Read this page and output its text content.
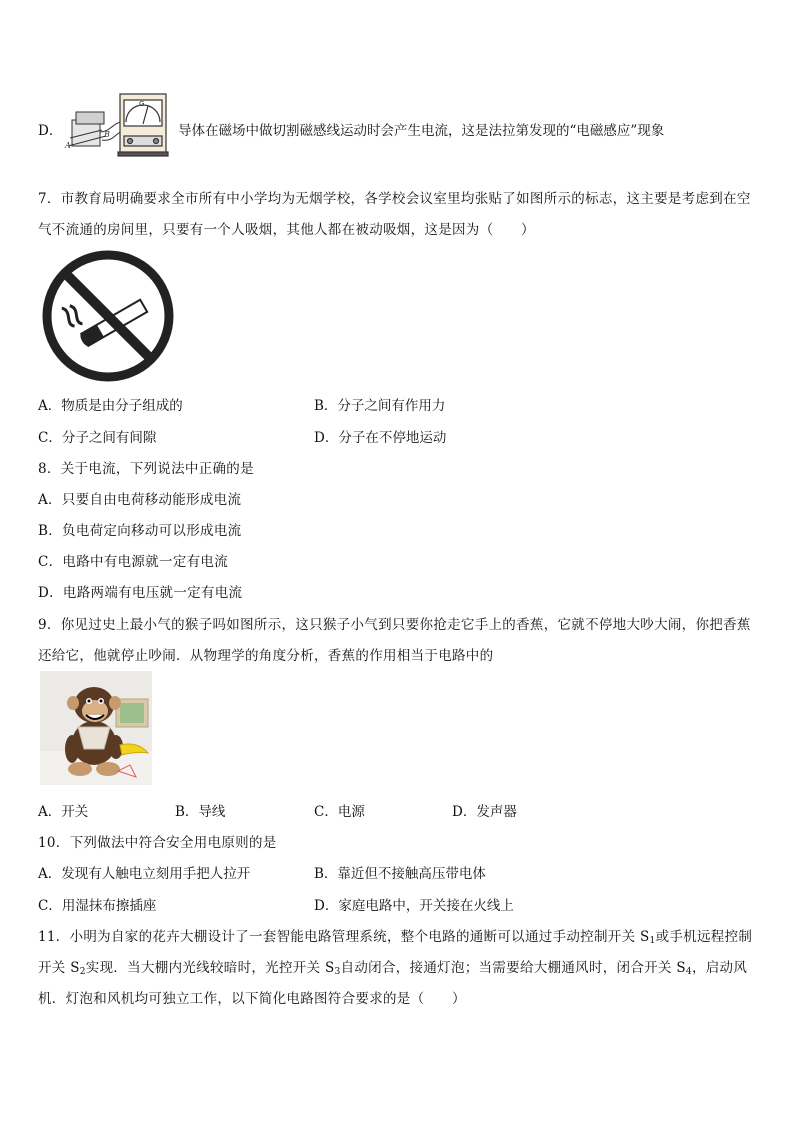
D．
A
B
G
导体在磁场中做切割磁感线运动时会产生电流，这是法拉第发现的“电磁感应”现象
7．市教育局明确要求全市所有中小学均为无烟学校，各学校会议室里均张贴了如图所示的标志，这主要是考虑到在空
气不流通的房间里，只要有一个人吸烟，其他人都在被动吸烟，这是因为（　　）
A．物质是由分子组成的	B．分子之间有作用力
C．分子之间有间隙	D．分子在不停地运动
8．关于电流，下列说法中正确的是
A．只要自由电荷移动能形成电流
B．负电荷定向移动可以形成电流
C．电路中有电源就一定有电流
D．电路两端有电压就一定有电流
9．你见过史上最小气的猴子吗如图所示，这只猴子小气到只要你抢走它手上的香蕉，它就不停地大吵大闹，你把香蕉
还给它，他就停止吵闹．从物理学的角度分析，香蕉的作用相当于电路中的
A．开关	B．导线	C．电源	D．发声器
10．下列做法中符合安全用电原则的是
A．发现有人触电立刻用手把人拉开	B．靠近但不接触高压带电体
C．用湿抹布擦插座	D．家庭电路中，开关接在火线上
11．小明为自家的花卉大棚设计了一套智能电路管理系统，整个电路的通断可以通过手动控制开关 $S_1$或手机远程控制
开关 $S_2$实现．当大棚内光线较暗时，光控开关 $S_3$自动闭合，接通灯泡；当需要给大棚通风时，闭合开关 $S_4$，启动风
机．灯泡和风机均可独立工作，以下简化电路图符合要求的是（　　）
